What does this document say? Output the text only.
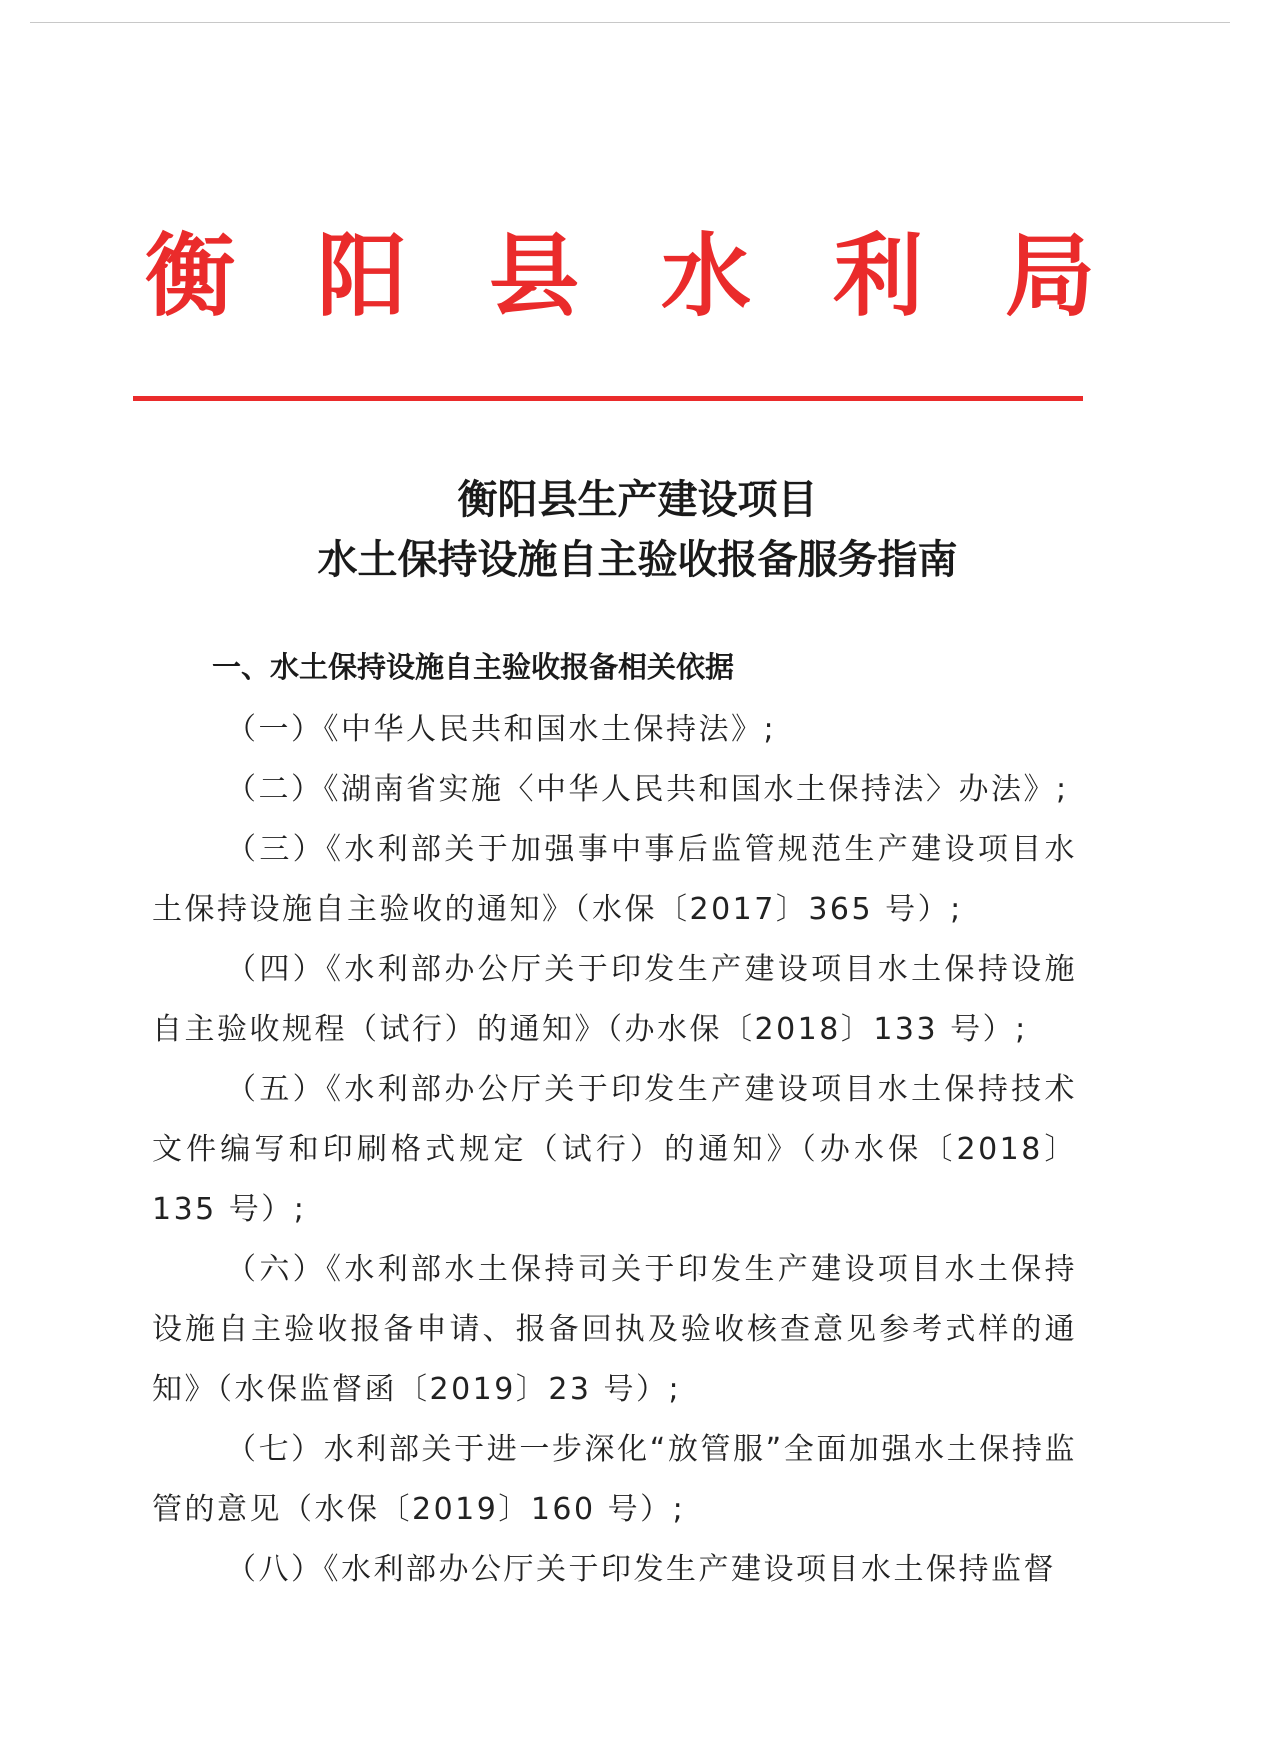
衡 阳 县 水 利 局
衡阳县生产建设项目
水土保持设施自主验收报备服务指南
一、水土保持设施自主验收报备相关依据

（一）《中华人民共和国水土保持法》;

（二）《湖南省实施〈中华人民共和国水土保持法〉办法》;

（三）《水利部关于加强事中事后监管规范生产建设项目水土保持设施自主验收的通知》（水保〔2017〕365 号）;

（四）《水利部办公厅关于印发生产建设项目水土保持设施自主验收规程（试行）的通知》（办水保〔2018〕133 号）;

（五）《水利部办公厅关于印发生产建设项目水土保持技术文件编写和印刷格式规定（试行）的通知》（办水保〔2018〕135 号）;

（六）《水利部水土保持司关于印发生产建设项目水土保持设施自主验收报备申请、报备回执及验收核查意见参考式样的通知》（水保监督函〔2019〕23 号）;

（七）水利部关于进一步深化“放管服”全面加强水土保持监管的意见（水保〔2019〕160 号）;

（八）《水利部办公厅关于印发生产建设项目水土保持监督
